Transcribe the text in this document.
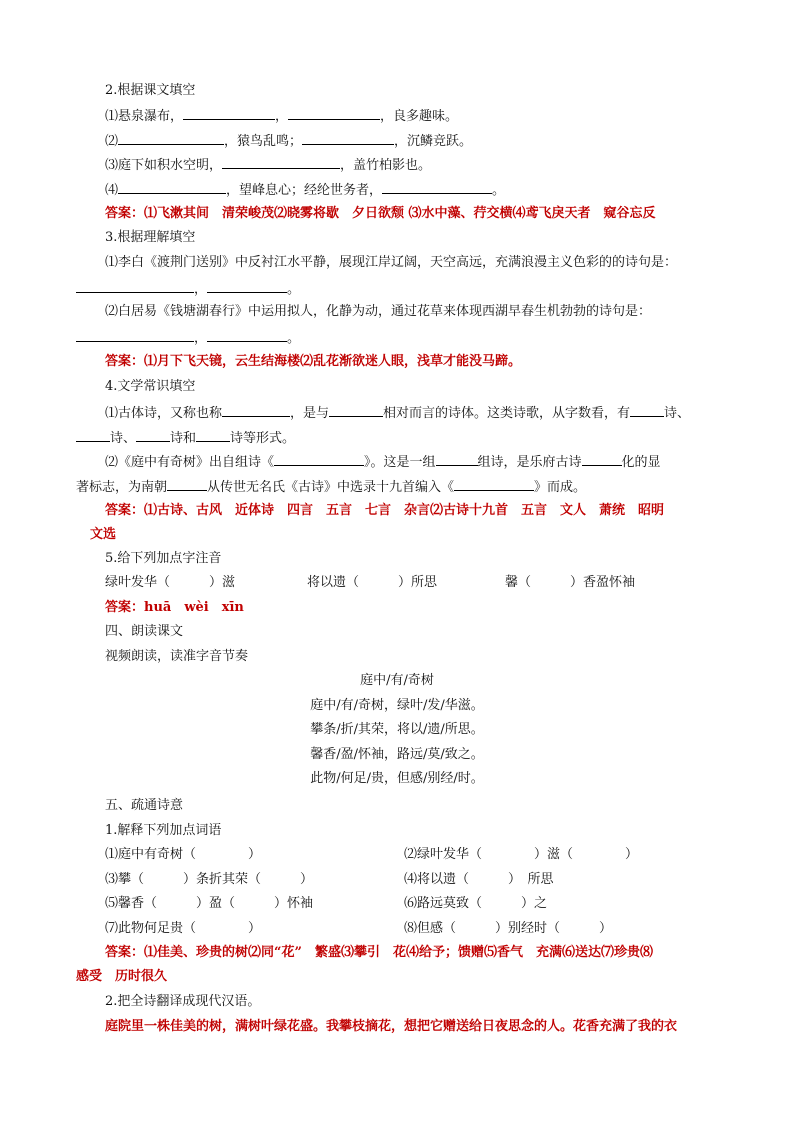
2.根据课文填空
⑴悬泉瀑布，	，	，良多趣味。
⑵	，猿鸟乱鸣；	，沉鳞竞跃。
⑶庭下如积水空明，	，盖竹柏影也。
⑷	，望峰息心；经纶世务者，	。
答案：⑴飞漱其间　清荣峻茂⑵晓雾将歇　夕日欲颓 ⑶水中藻、荇交横⑷鸢飞戾天者　窥谷忘反
3.根据理解填空
⑴李白《渡荆门送别》中反衬江水平静，展现江岸辽阔，天空高远，充满浪漫主义色彩的的诗句是：
，	。
⑵白居易《钱塘湖春行》中运用拟人，化静为动，通过花草来体现西湖早春生机勃勃的诗句是：
，	。
答案：⑴月下飞天镜，云生结海楼⑵乱花渐欲迷人眼，浅草才能没马蹄。
4.文学常识填空
⑴古体诗，又称也称	，是与	相对而言的诗体。这类诗歌，从字数看，有	诗、
诗、	诗和	诗等形式。
⑵《庭中有奇树》出自组诗《	》。这是一组	组诗，是乐府古诗	化的显
著标志，为南朝	从传世无名氏《古诗》中选录十九首编入《	》而成。
答案：⑴古诗、古风　近体诗　四言　五言　七言　杂言⑵古诗十九首　五言　文人　萧统　昭明
文选
5.给下列加点字注音
绿叶发华（　　　）滋	将以遗（　　　）所思	馨（　　　）香盈怀袖
答案：huā　wèi　xīn
四、朗读课文
视频朗读，读准字音节奏
庭中/有/奇树
庭中/有/奇树，绿叶/发/华滋。
攀条/折/其荣，将以/遗/所思。
馨香/盈/怀袖，路远/莫/致之。
此物/何足/贵，但感/别经/时。
五、疏通诗意
1.解释下列加点词语
⑴庭中有奇树（　　　　）	⑵绿叶发华（　　　　）滋（　　　　）
⑶攀（　　　）条折其荣（　　　）	⑷将以遗（　　　）　所思
⑸馨香（　　　）盈（　　　）怀袖	⑹路远莫致（　　　）之
⑺此物何足贵（　　　　）	⑻但感（　　　）别经时（　　　）
答案：⑴佳美、珍贵的树⑵同“花”　繁盛⑶攀引　花⑷给予；馈赠⑸香气　充满⑹送达⑺珍贵⑻
感受　历时很久
2.把全诗翻译成现代汉语。
庭院里一株佳美的树，满树叶绿花盛。我攀枝摘花，想把它赠送给日夜思念的人。花香充满了我的衣
